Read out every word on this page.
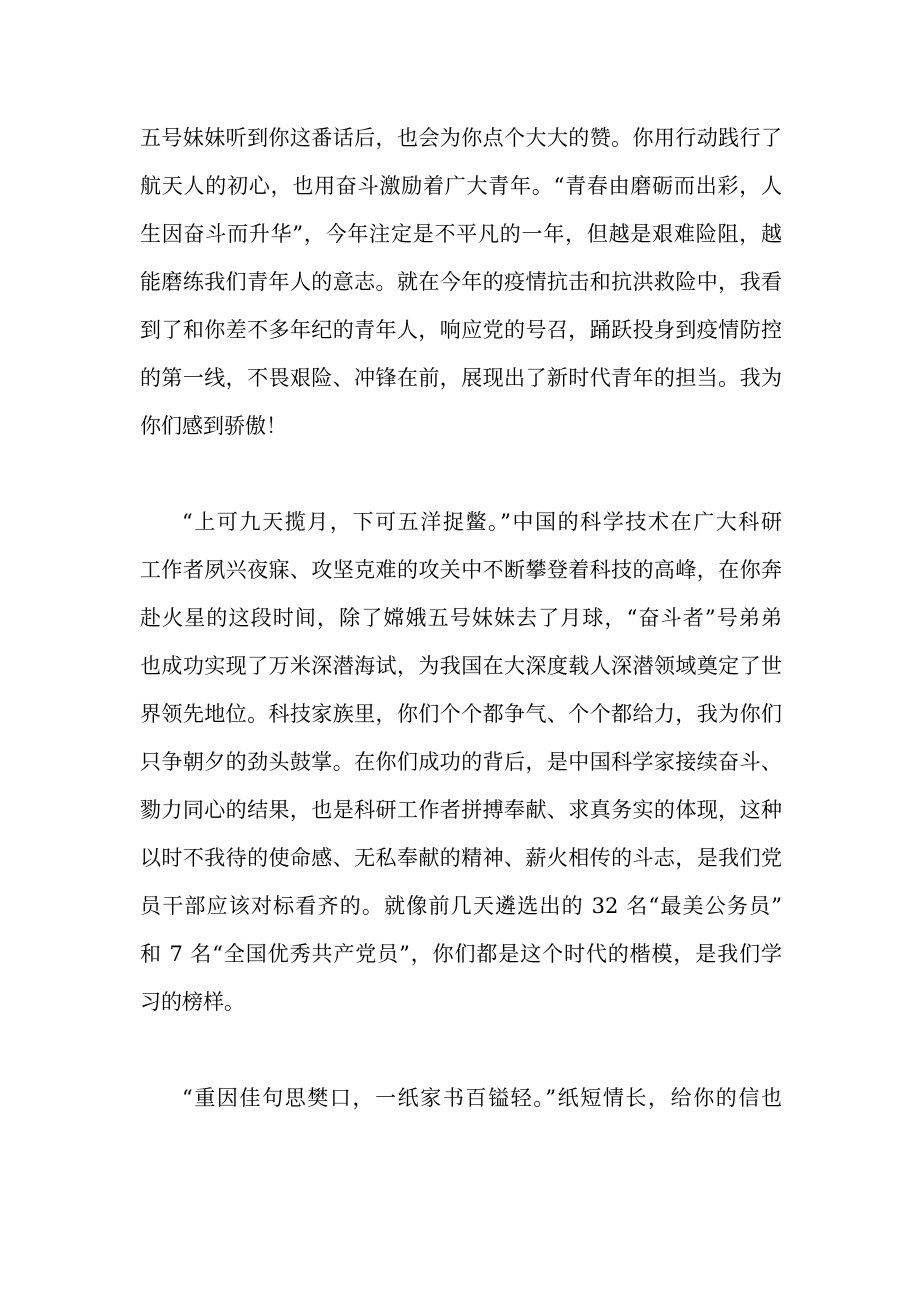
五号妹妹听到你这番话后，也会为你点个大大的赞。你用行动践行了
航天人的初心，也用奋斗激励着广大青年。“青春由磨砺而出彩，人
生因奋斗而升华”，今年注定是不平凡的一年，但越是艰难险阻，越
能磨练我们青年人的意志。就在今年的疫情抗击和抗洪救险中，我看
到了和你差不多年纪的青年人，响应党的号召，踊跃投身到疫情防控
的第一线，不畏艰险、冲锋在前，展现出了新时代青年的担当。我为
你们感到骄傲！
“上可九天揽月，下可五洋捉鳖。”中国的科学技术在广大科研
工作者夙兴夜寐、攻坚克难的攻关中不断攀登着科技的高峰，在你奔
赴火星的这段时间，除了嫦娥五号妹妹去了月球，“奋斗者”号弟弟
也成功实现了万米深潜海试，为我国在大深度载人深潜领域奠定了世
界领先地位。科技家族里，你们个个都争气、个个都给力，我为你们
只争朝夕的劲头鼓掌。在你们成功的背后，是中国科学家接续奋斗、
勠力同心的结果，也是科研工作者拼搏奉献、求真务实的体现，这种
以时不我待的使命感、无私奉献的精神、薪火相传的斗志，是我们党
员干部应该对标看齐的。就像前几天遴选出的 32 名“最美公务员”
和 7 名“全国优秀共产党员”，你们都是这个时代的楷模，是我们学
习的榜样。
“重因佳句思樊口，一纸家书百镒轻。”纸短情长，给你的信也
